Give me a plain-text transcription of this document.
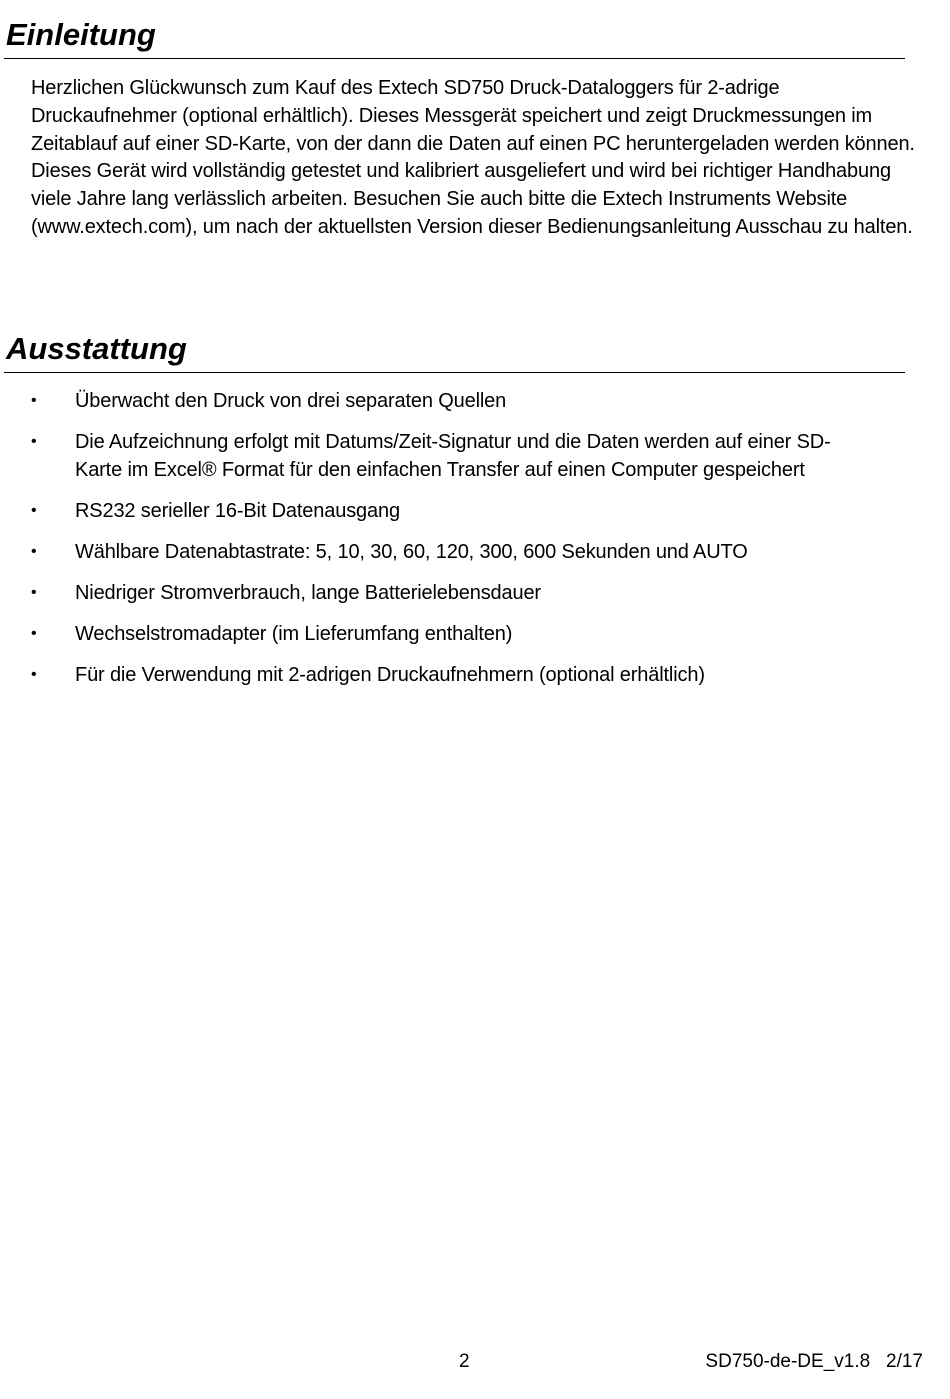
Einleitung

Herzlichen Glückwunsch zum Kauf des Extech SD750 Druck-Dataloggers für 2-adrige Druckaufnehmer (optional erhältlich). Dieses Messgerät speichert und zeigt Druckmessungen im Zeitablauf auf einer SD-Karte, von der dann die Daten auf einen PC heruntergeladen werden können. Dieses Gerät wird vollständig getestet und kalibriert ausgeliefert und wird bei richtiger Handhabung viele Jahre lang verlässlich arbeiten. Besuchen Sie auch bitte die Extech Instruments Website (www.extech.com), um nach der aktuellsten Version dieser Bedienungsanleitung Ausschau zu halten.

Ausstattung
• Überwacht den Druck von drei separaten Quellen
• Die Aufzeichnung erfolgt mit Datums/Zeit-Signatur und die Daten werden auf einer SD-Karte im Excel® Format für den einfachen Transfer auf einen Computer gespeichert
• RS232 serieller 16-Bit Datenausgang
• Wählbare Datenabtastrate: 5, 10, 30, 60, 120, 300, 600 Sekunden und AUTO
• Niedriger Stromverbrauch, lange Batterielebensdauer
• Wechselstromadapter (im Lieferumfang enthalten)
• Für die Verwendung mit 2-adrigen Druckaufnehmern (optional erhältlich)
2	SD750-de-DE_v1.8   2/17
